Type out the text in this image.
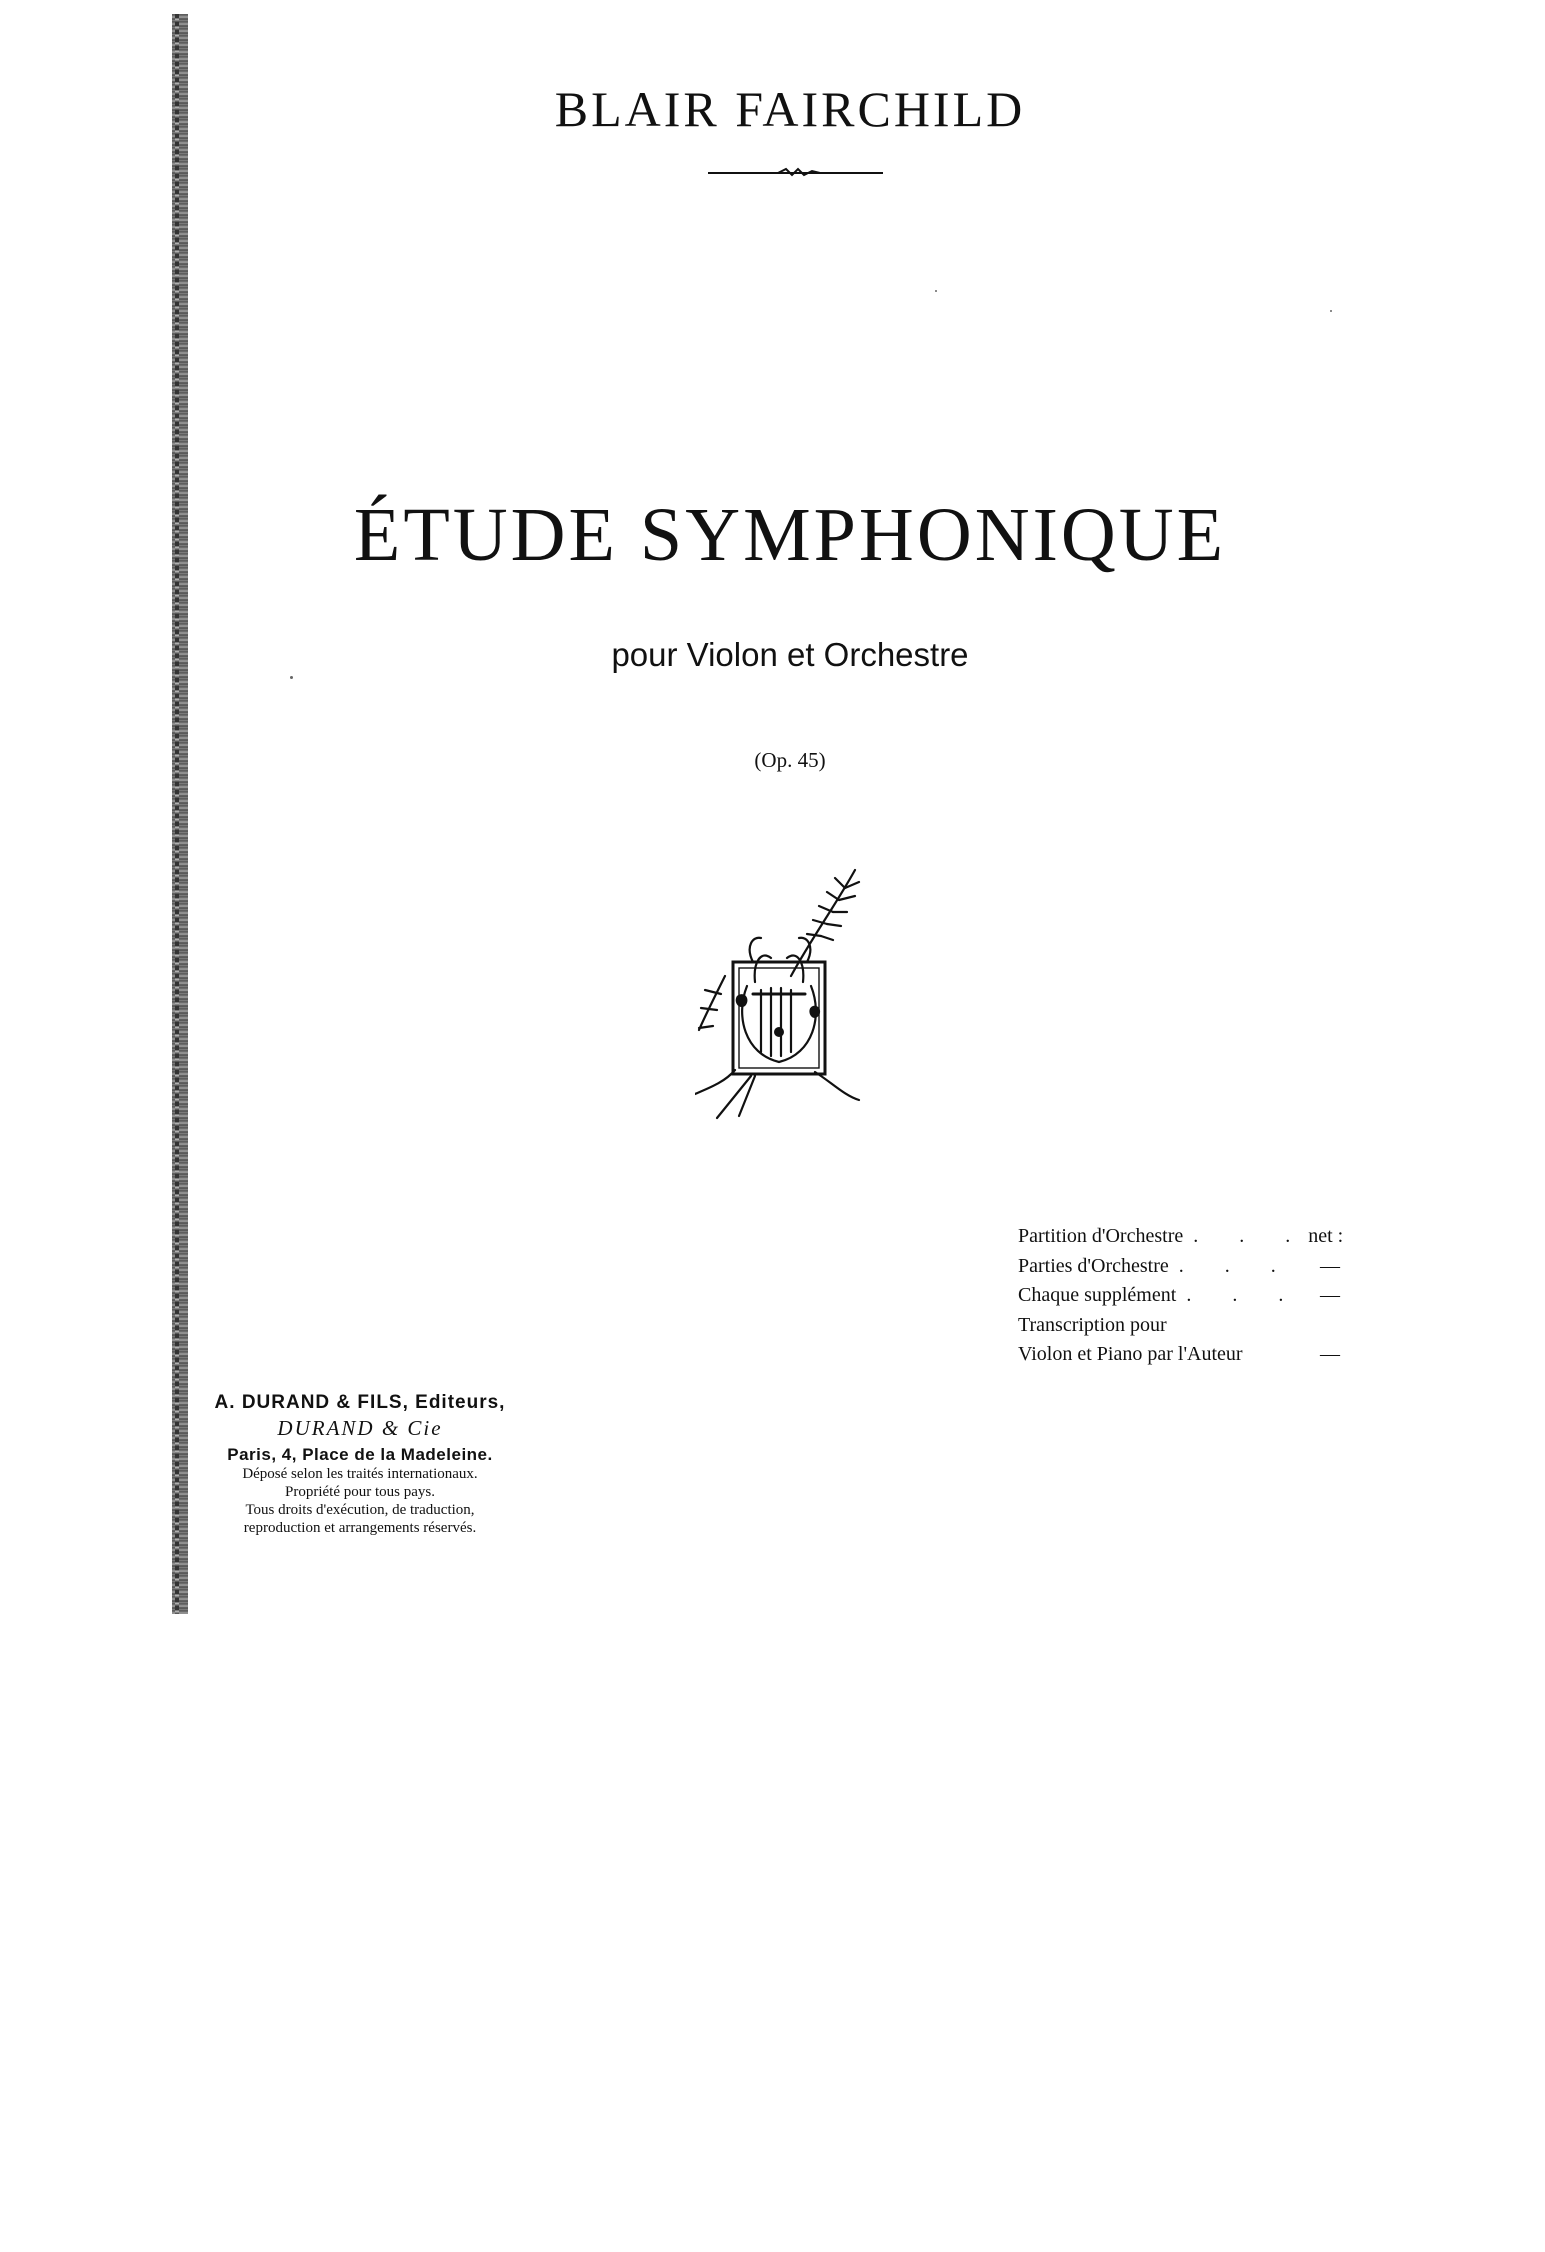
BLAIR FAIRCHILD
ÉTUDE SYMPHONIQUE
pour Violon et Orchestre
(Op. 45)
Partition d'Orchestre . . . net :
Parties d'Orchestre . . . —
Chaque supplément . . . —
Transcription pour
Violon et Piano par l'Auteur	—
A. DURAND & FILS, Editeurs,
DURAND & Cie
Paris, 4, Place de la Madeleine.
Déposé selon les traités internationaux.
Propriété pour tous pays.
Tous droits d'exécution, de traduction,
reproduction et arrangements réservés.
